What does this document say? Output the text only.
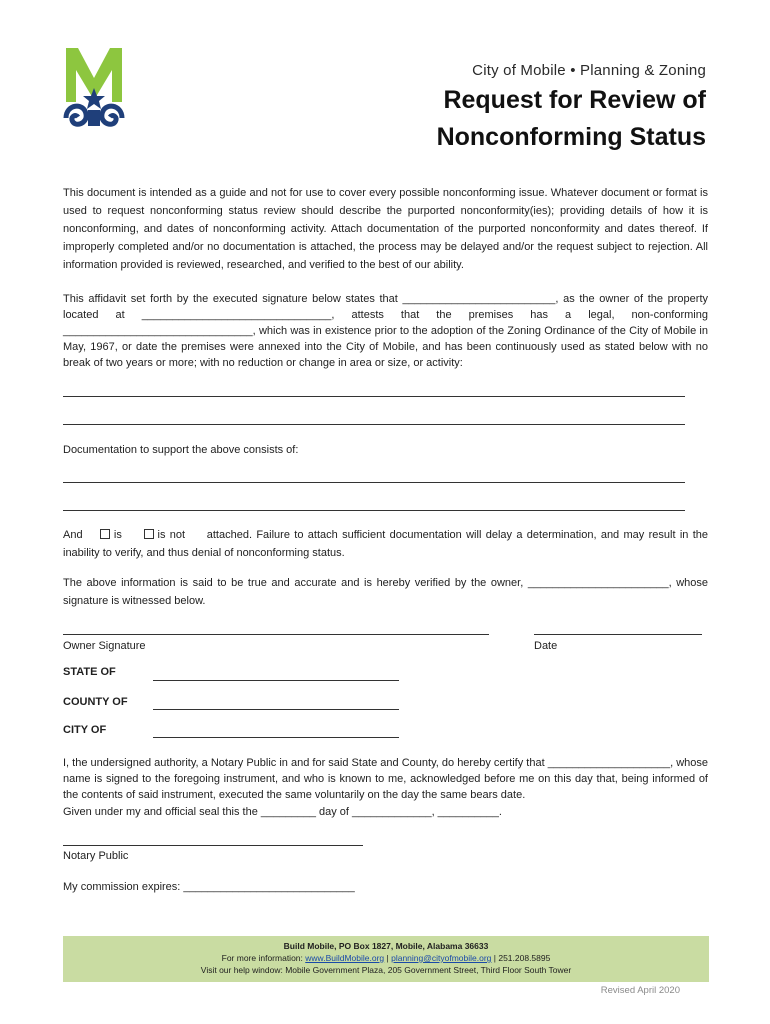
City of Mobile • Planning & Zoning
Request for Review of
Nonconforming Status

This document is intended as a guide and not for use to cover every possible nonconforming issue. Whatever document or format is used to request nonconforming status review should describe the purported nonconformity(ies); providing details of how it is nonconforming, and dates of nonconforming activity. Attach documentation of the purported nonconformity and dates thereof. If improperly completed and/or no documentation is attached, the process may be delayed and/or the request subject to rejection. All information provided is reviewed, researched, and verified to the best of our ability.

This affidavit set forth by the executed signature below states that _________________________, as the owner of the property located at _______________________________, attests that the premises has a legal, non-conforming _______________________________, which was in existence prior to the adoption of the Zoning Ordinance of the City of Mobile in May, 1967, or date the premises were annexed into the City of Mobile, and has been continuously used as stated below with no break of two years or more; with no reduction or change in area or size, or activity:

Documentation to support the above consists of:

And	is	is not attached. Failure to attach sufficient documentation will delay a determination, and may result in the inability to verify, and thus denial of nonconforming status.

The above information is said to be true and accurate and is hereby verified by the owner, _______________________, whose signature is witnessed below.

Owner Signature	Date
STATE OF
COUNTY OF
CITY OF

I, the undersigned authority, a Notary Public in and for said State and County, do hereby certify that ____________________, whose name is signed to the foregoing instrument, and who is known to me, acknowledged before me on this day that, being informed of the contents of said instrument, executed the same voluntarily on the day the same bears date.

Given under my and official seal this the _________ day of _____________, __________.
Notary Public
My commission expires: ____________________________
Build Mobile, PO Box 1827, Mobile, Alabama 36633
For more information: www.BuildMobile.org | planning@cityofmobile.org | 251.208.5895
Visit our help window: Mobile Government Plaza, 205 Government Street, Third Floor South Tower
Revised April 2020
